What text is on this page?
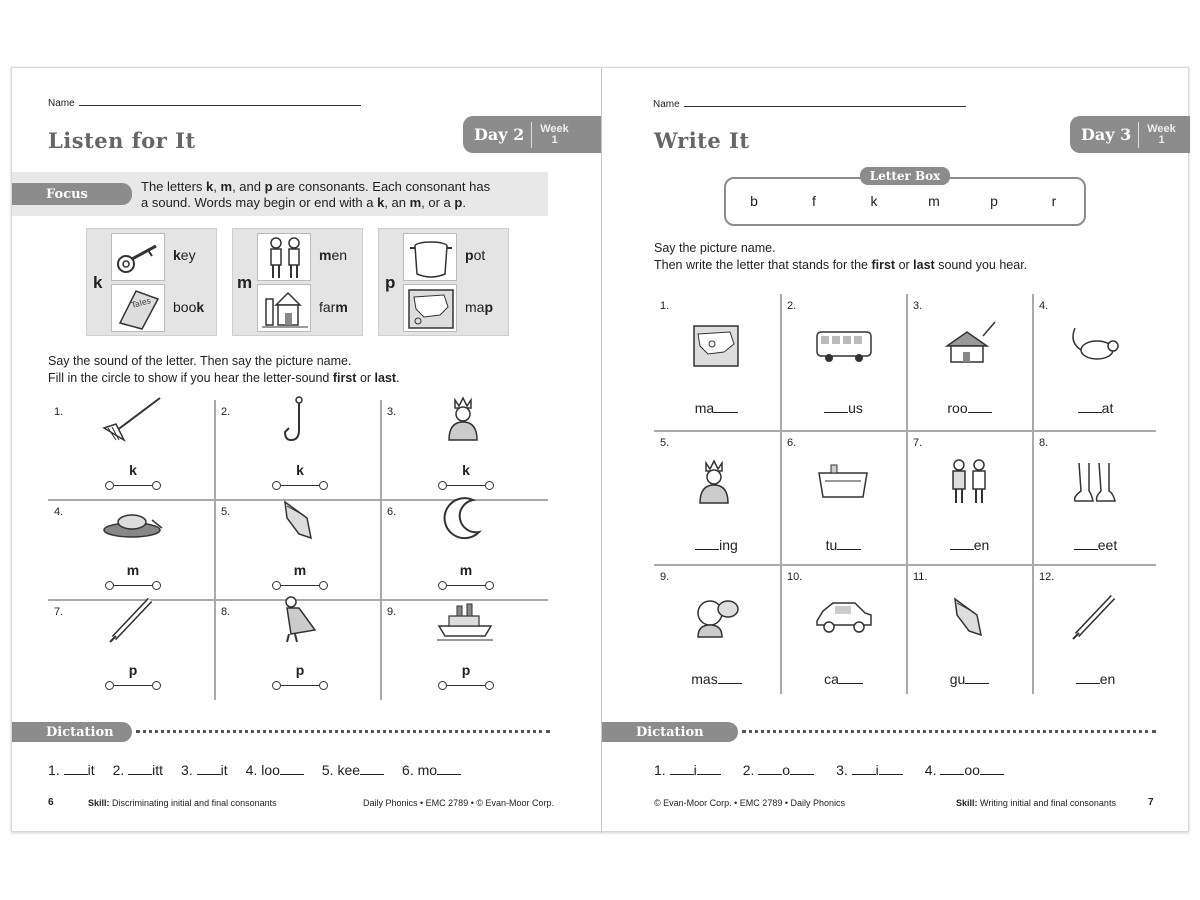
Name
Listen for It	Day 2	Week
1
Focus	The letters k, m, and p are consonants. Each consonant has
a sound. Words may begin or end with a k, an m, or a p.
k
key
Tales book
m
men
farm
p
pot
map
Say the sound of the letter. Then say the picture name.
Fill in the circle to show if you hear the letter-sound first or last.
1.
k
2.
k
3.
k
4.
m
5.
m
6.
m
7.
p
8.
p
9.
p
Dictation
1. it 2. itt 3. it 4. loo	5. kee	6. mo
6	Skill: Discriminating initial and final consonants	Daily Phonics • EMC 2789 • © Evan-Moor Corp.
Name
Write It	Day 3	Week
1
Letter Box
b	f	k	m	p	r
Say the picture name.
Then write the letter that stands for the first or last sound you hear.
1.
ma
2.
us
3.
roo
4.
at
5.
ing
6.
tu
7.
en
8.
eet
9.
mas
10.
ca
11.
gu
12.
en
Dictation
1. i	2. o	3. i	4. oo
© Evan-Moor Corp. • EMC 2789 • Daily Phonics	Skill: Writing initial and final consonants	7
